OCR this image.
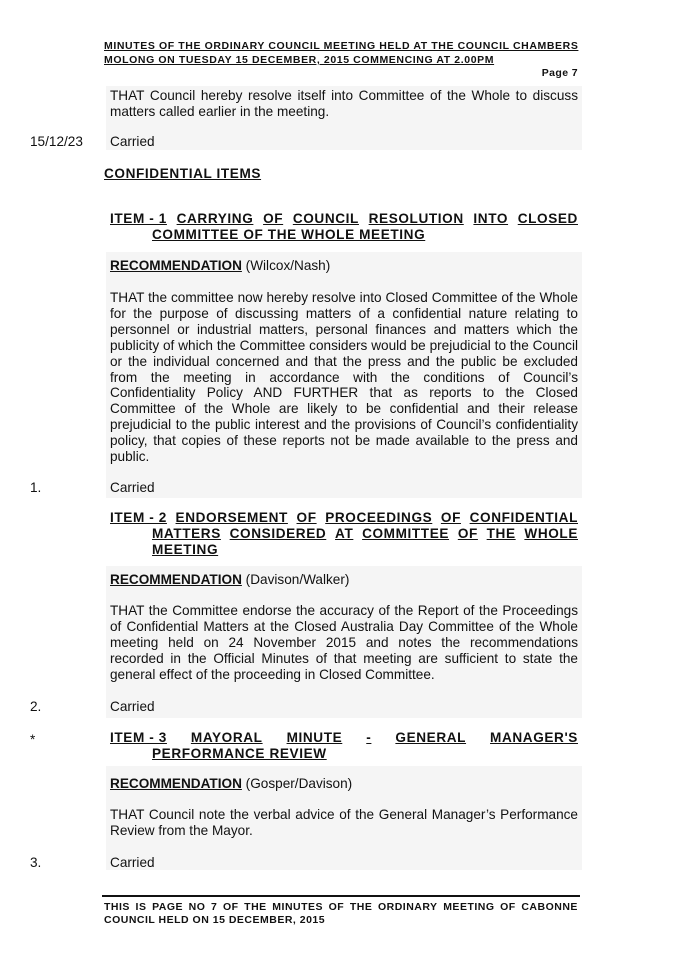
MINUTES OF THE ORDINARY COUNCIL MEETING HELD AT THE COUNCIL CHAMBERS
MOLONG ON TUESDAY 15 DECEMBER, 2015 COMMENCING AT 2.00PM
Page 7

THAT Council hereby resolve itself into Committee of the Whole to discuss matters called earlier in the meeting.

15/12/23 Carried
CONFIDENTIAL ITEMS
ITEM - 1 CARRYING OF COUNCIL RESOLUTION INTO CLOSED
COMMITTEE OF THE WHOLE MEETING
RECOMMENDATION (Wilcox/Nash)

THAT the committee now hereby resolve into Closed Committee of the Whole for the purpose of discussing matters of a confidential nature relating to personnel or industrial matters, personal finances and matters which the publicity of which the Committee considers would be prejudicial to the Council or the individual concerned and that the press and the public be excluded from the meeting in accordance with the conditions of Council’s Confidentiality Policy AND FURTHER that as reports to the Closed Committee of the Whole are likely to be confidential and their release prejudicial to the public interest and the provisions of Council’s confidentiality policy, that copies of these reports not be made available to the press and public.

1.	Carried
ITEM - 2 ENDORSEMENT OF PROCEEDINGS OF CONFIDENTIAL
MATTERS CONSIDERED AT COMMITTEE OF THE WHOLE
MEETING
RECOMMENDATION (Davison/Walker)

THAT the Committee endorse the accuracy of the Report of the Proceedings of Confidential Matters at the Closed Australia Day Committee of the Whole meeting held on 24 November 2015 and notes the recommendations recorded in the Official Minutes of that meeting are sufficient to state the general effect of the proceeding in Closed Committee.

2.	Carried
*	ITEM - 3 MAYORAL MINUTE - GENERAL MANAGER'S
PERFORMANCE REVIEW
RECOMMENDATION (Gosper/Davison)

THAT Council note the verbal advice of the General Manager’s Performance Review from the Mayor.

3.	Carried
THIS IS PAGE NO 7 OF THE MINUTES OF THE ORDINARY MEETING OF CABONNE
COUNCIL HELD ON 15 DECEMBER, 2015
